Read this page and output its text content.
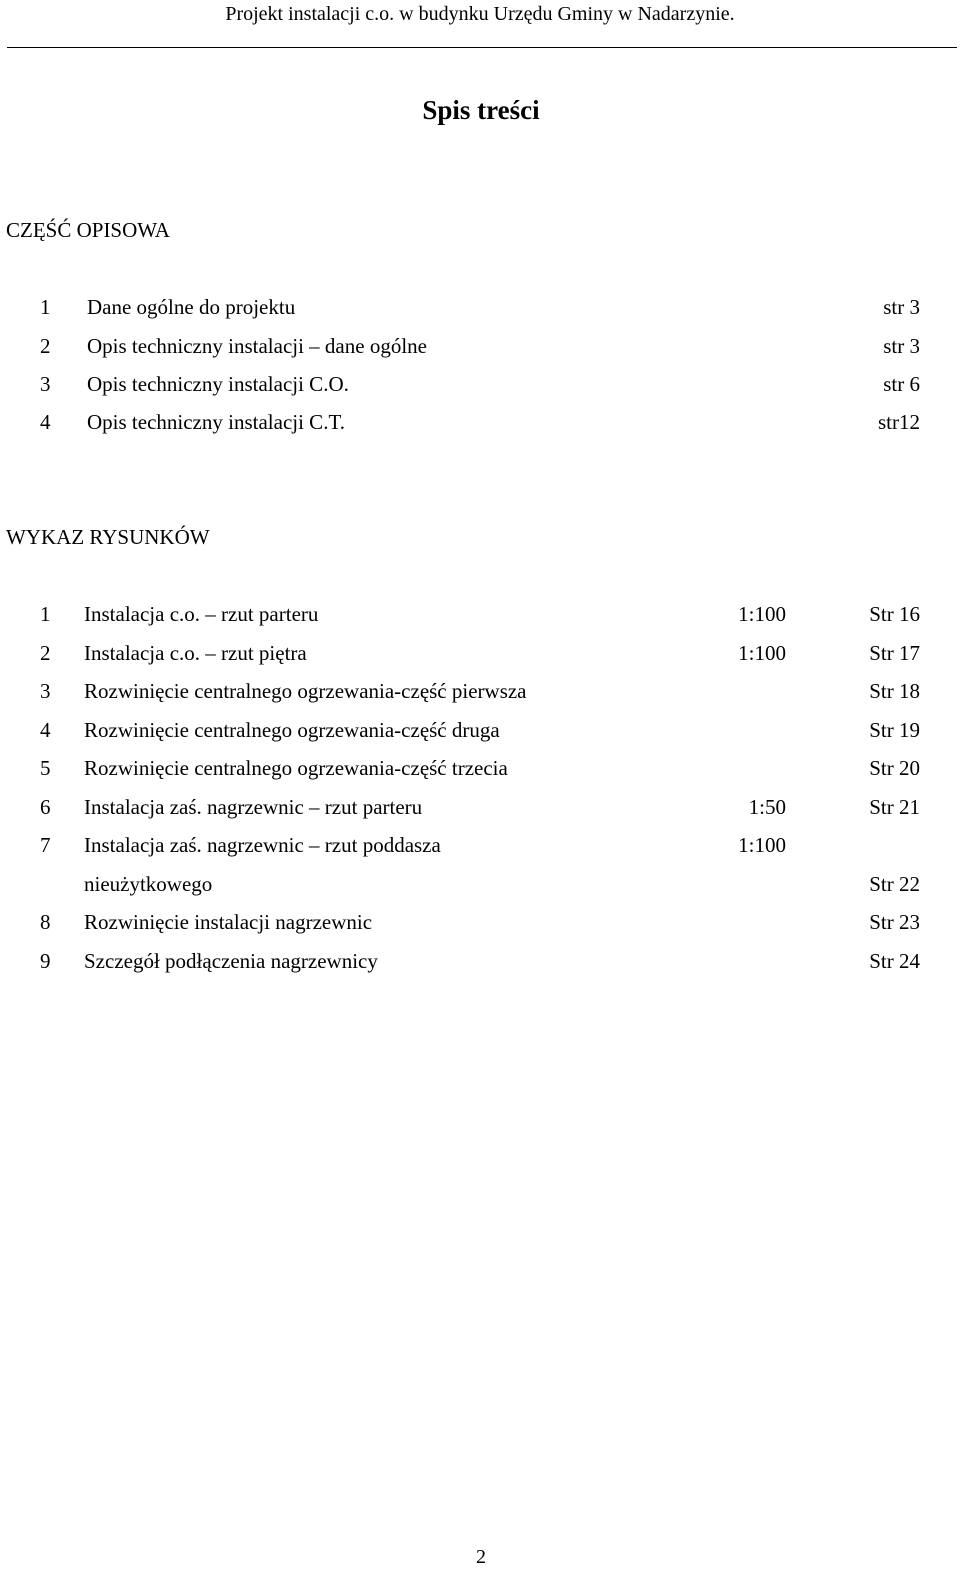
Projekt instalacji c.o. w budynku Urzędu Gminy w Nadarzynie.
Spis treści
CZĘŚĆ OPISOWA
1 Dane ogólne do projektu	str 3
2 Opis techniczny instalacji – dane ogólne	str 3
3 Opis techniczny instalacji C.O.	str 6
4 Opis techniczny instalacji C.T.	str12
WYKAZ RYSUNKÓW
1 Instalacja c.o. – rzut parteru	1:100	Str 16
2 Instalacja c.o. – rzut piętra	1:100	Str 17
3 Rozwinięcie centralnego ogrzewania-część pierwsza	Str 18
4 Rozwinięcie centralnego ogrzewania-część druga	Str 19
5 Rozwinięcie centralnego ogrzewania-część trzecia	Str 20
6 Instalacja zaś. nagrzewnic – rzut parteru	1:50	Str 21
7 Instalacja zaś. nagrzewnic – rzut poddasza	1:100
nieużytkowego	Str 22
8 Rozwinięcie instalacji nagrzewnic	Str 23
9 Szczegół podłączenia nagrzewnicy	Str 24
2
